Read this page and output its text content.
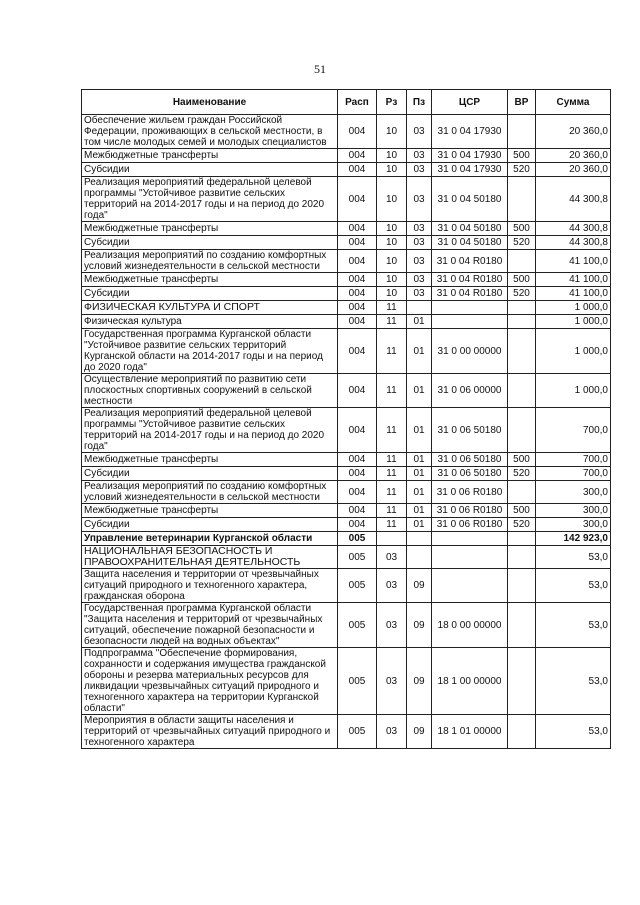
51
Наименование	Расп	Рз	Пз	ЦСР	ВР	Сумма
Обеспечение жильем граждан Российской Федерации, проживающих в сельской местности, в том числе молодых семей и молодых специалистов	004	10	03	31 0 04 17930		20 360,0
Межбюджетные трансферты	004	10	03	31 0 04 17930	500	20 360,0
Субсидии	004	10	03	31 0 04 17930	520	20 360,0
Реализация мероприятий федеральной целевой программы "Устойчивое развитие сельских территорий на 2014-2017 годы и на период до 2020 года"	004	10	03	31 0 04 50180		44 300,8
Межбюджетные трансферты	004	10	03	31 0 04 50180	500	44 300,8
Субсидии	004	10	03	31 0 04 50180	520	44 300,8
Реализация мероприятий по созданию комфортных условий жизнедеятельности в сельской местности	004	10	03	31 0 04 R0180		41 100,0
Межбюджетные трансферты	004	10	03	31 0 04 R0180	500	41 100,0
Субсидии	004	10	03	31 0 04 R0180	520	41 100,0
ФИЗИЧЕСКАЯ КУЛЬТУРА И СПОРТ	004	11				1 000,0
Физическая культура	004	11	01			1 000,0
Государственная программа Курганской области "Устойчивое развитие сельских территорий Курганской области на 2014-2017 годы и на период до 2020 года"	004	11	01	31 0 00 00000		1 000,0
Осуществление мероприятий по развитию сети плоскостных спортивных сооружений в сельской местности	004	11	01	31 0 06 00000		1 000,0
Реализация мероприятий федеральной целевой программы "Устойчивое развитие сельских территорий на 2014-2017 годы и на период до 2020 года"	004	11	01	31 0 06 50180		700,0
Межбюджетные трансферты	004	11	01	31 0 06 50180	500	700,0
Субсидии	004	11	01	31 0 06 50180	520	700,0
Реализация мероприятий по созданию комфортных условий жизнедеятельности в сельской местности	004	11	01	31 0 06 R0180		300,0
Межбюджетные трансферты	004	11	01	31 0 06 R0180	500	300,0
Субсидии	004	11	01	31 0 06 R0180	520	300,0
Управление ветеринарии Курганской области	005					142 923,0
НАЦИОНАЛЬНАЯ БЕЗОПАСНОСТЬ И ПРАВООХРАНИТЕЛЬНАЯ ДЕЯТЕЛЬНОСТЬ	005	03				53,0
Защита населения и территории от чрезвычайных ситуаций природного и техногенного характера, гражданская оборона	005	03	09			53,0
Государственная программа Курганской области "Защита населения и территорий от чрезвычайных ситуаций, обеспечение пожарной безопасности и безопасности людей на водных объектах"	005	03	09	18 0 00 00000		53,0
Подпрограмма "Обеспечение формирования, сохранности и содержания имущества гражданской обороны и резерва материальных ресурсов для ликвидации чрезвычайных ситуаций природного и техногенного характера на территории Курганской области"	005	03	09	18 1 00 00000		53,0
Мероприятия в области защиты населения и территорий от чрезвычайных ситуаций природного и техногенного характера	005	03	09	18 1 01 00000		53,0
